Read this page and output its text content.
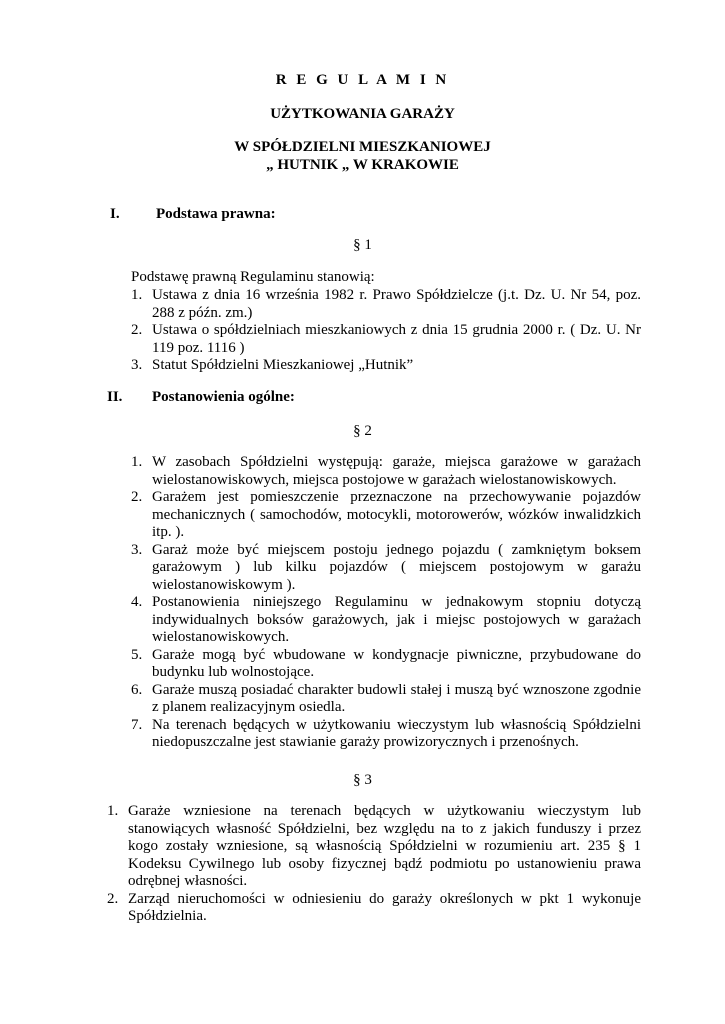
R E G U L A M I N
UŻYTKOWANIA GARAŻY
W SPÓŁDZIELNI MIESZKANIOWEJ
„ HUTNIK „ W KRAKOWIE
I. Podstawa prawna:
§ 1
Podstawę prawną Regulaminu stanowią:
1. Ustawa z dnia 16 września 1982 r. Prawo Spółdzielcze (j.t. Dz. U. Nr 54, poz. 288 z późn. zm.)
2. Ustawa o spółdzielniach mieszkaniowych z dnia 15 grudnia 2000 r. ( Dz. U. Nr 119 poz. 1116 )
3. Statut Spółdzielni Mieszkaniowej „Hutnik”
II. Postanowienia ogólne:
§ 2
1. W zasobach Spółdzielni występują: garaże, miejsca garażowe w garażach wielostanowiskowych, miejsca postojowe w garażach wielostanowiskowych.
2. Garażem jest pomieszczenie przeznaczone na przechowywanie pojazdów mechanicznych ( samochodów, motocykli, motorowerów, wózków inwalidzkich itp. ).
3. Garaż może być miejscem postoju jednego pojazdu ( zamkniętym boksem garażowym ) lub kilku pojazdów ( miejscem postojowym w garażu wielostanowiskowym ).
4. Postanowienia niniejszego Regulaminu w jednakowym stopniu dotyczą indywidualnych boksów garażowych, jak i miejsc postojowych w garażach wielostanowiskowych.
5. Garaże mogą być wbudowane w kondygnacje piwniczne, przybudowane do budynku lub wolnostojące.
6. Garaże muszą posiadać charakter budowli stałej i muszą być wznoszone zgodnie z planem realizacyjnym osiedla.
7. Na terenach będących w użytkowaniu wieczystym lub własnością Spółdzielni niedopuszczalne jest stawianie garaży prowizorycznych i przenośnych.
§ 3
1. Garaże wzniesione na terenach będących w użytkowaniu wieczystym lub stanowiących własność Spółdzielni, bez względu na to z jakich funduszy i przez kogo zostały wzniesione, są własnością Spółdzielni w rozumieniu art. 235 § 1 Kodeksu Cywilnego lub osoby fizycznej bądź podmiotu po ustanowieniu prawa odrębnej własności.
2. Zarząd nieruchomości w odniesieniu do garaży określonych w pkt 1 wykonuje Spółdzielnia.
